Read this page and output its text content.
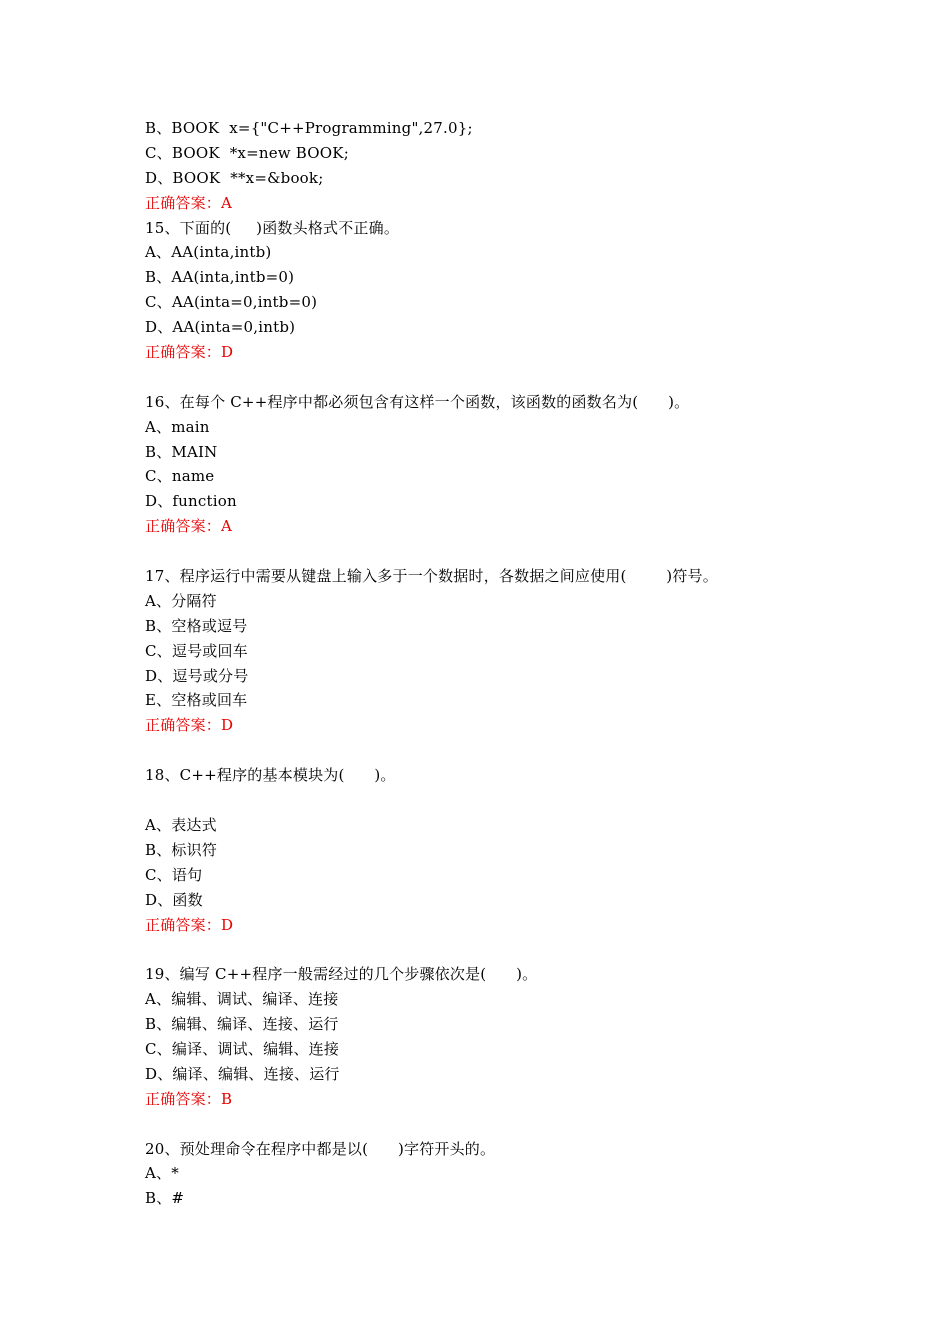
B、BOOK  x={"C++Programming",27.0};
C、BOOK  *x=new BOOK;
D、BOOK  **x=&book;
正确答案：A
15、下面的(     )函数头格式不正确。
A、AA(inta,intb)
B、AA(inta,intb=0)
C、AA(inta=0,intb=0)
D、AA(inta=0,intb)
正确答案：D
16、在每个 C++程序中都必须包含有这样一个函数，该函数的函数名为(      )。
A、main
B、MAIN
C、name
D、function
正确答案：A
17、程序运行中需要从键盘上输入多于一个数据时，各数据之间应使用(        )符号。
A、分隔符
B、空格或逗号
C、逗号或回车
D、逗号或分号
E、空格或回车
正确答案：D
18、C++程序的基本模块为(      )。
A、表达式
B、标识符
C、语句
D、函数
正确答案：D
19、编写 C++程序一般需经过的几个步骤依次是(      )。
A、编辑、调试、编译、连接
B、编辑、编译、连接、运行
C、编译、调试、编辑、连接
D、编译、编辑、连接、运行
正确答案：B
20、预处理命令在程序中都是以(      )字符开头的。
A、*
B、#
